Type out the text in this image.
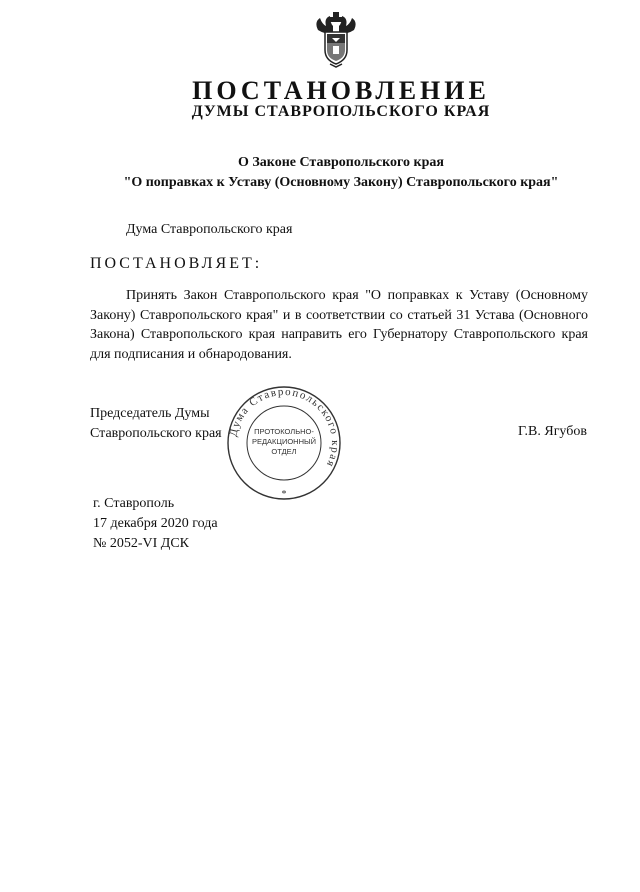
ПОСТАНОВЛЕНИЕ
ДУМЫ СТАВРОПОЛЬСКОГО КРАЯ
О Законе Ставропольского края
"О поправках к Уставу (Основному Закону) Ставропольского края"
Дума Ставропольского края
ПОСТАНОВЛЯЕТ:
Принять Закон Ставропольского края "О поправках к Уставу (Основному Закону) Ставропольского края" и в соответствии со статьей 31 Устава (Основного Закона) Ставропольского края направить его Губернатору Ставропольского края для подписания и обнародования.
Председатель Думы
Ставропольского края Дума Ставропольского края
ПРОТОКОЛЬНО-
РЕДАКЦИОННЫЙ
ОТДЕЛ
*
Г.В. Ягубов
г. Ставрополь
17 декабря 2020 года
№ 2052-VI ДСК
